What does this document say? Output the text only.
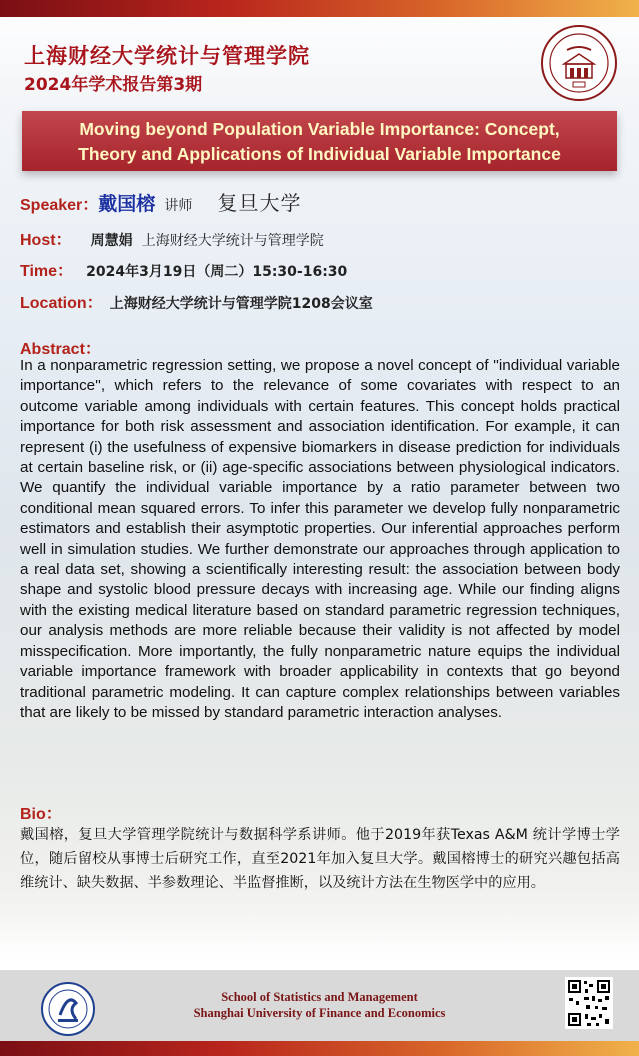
上海财经大学统计与管理学院
2024年学术报告第3期
Moving beyond Population Variable Importance: Concept,
Theory and Applications of Individual Variable Importance
Speaker：戴国榕 讲师 复旦大学
Host： 周慧娟 上海财经大学统计与管理学院
Time： 2024年3月19日（周二）15:30-16:30
Location： 上海财经大学统计与管理学院1208会议室
Abstract：
In a nonparametric regression setting, we propose a novel concept of ''individual variable importance'', which refers to the relevance of some covariates with respect to an outcome variable among individuals with certain features. This concept holds practical importance for both risk assessment and association identification. For example, it can represent (i) the usefulness of expensive biomarkers in disease prediction for individuals at certain baseline risk, or (ii) age-specific associations between physiological indicators. We quantify the individual variable importance by a ratio parameter between two conditional mean squared errors. To infer this parameter we develop fully nonparametric estimators and establish their asymptotic properties. Our inferential approaches perform well in simulation studies. We further demonstrate our approaches through application to a real data set, showing a scientifically interesting result: the association between body shape and systolic blood pressure decays with increasing age. While our finding aligns with the existing medical literature based on standard parametric regression techniques, our analysis methods are more reliable because their validity is not affected by model misspecification. More importantly, the fully nonparametric nature equips the individual variable importance framework with broader applicability in contexts that go beyond traditional parametric modeling. It can capture complex relationships between variables that are likely to be missed by standard parametric interaction analyses.
Bio：
戴国榕，复旦大学管理学院统计与数据科学系讲师。他于2019年获Texas A&M 统计学博士学位，随后留校从事博士后研究工作，直至2021年加入复旦大学。戴国榕博士的研究兴趣包括高维统计、缺失数据、半参数理论、半监督推断，以及统计方法在生物医学中的应用。
School of Statistics and Management
Shanghai University of Finance and Economics
